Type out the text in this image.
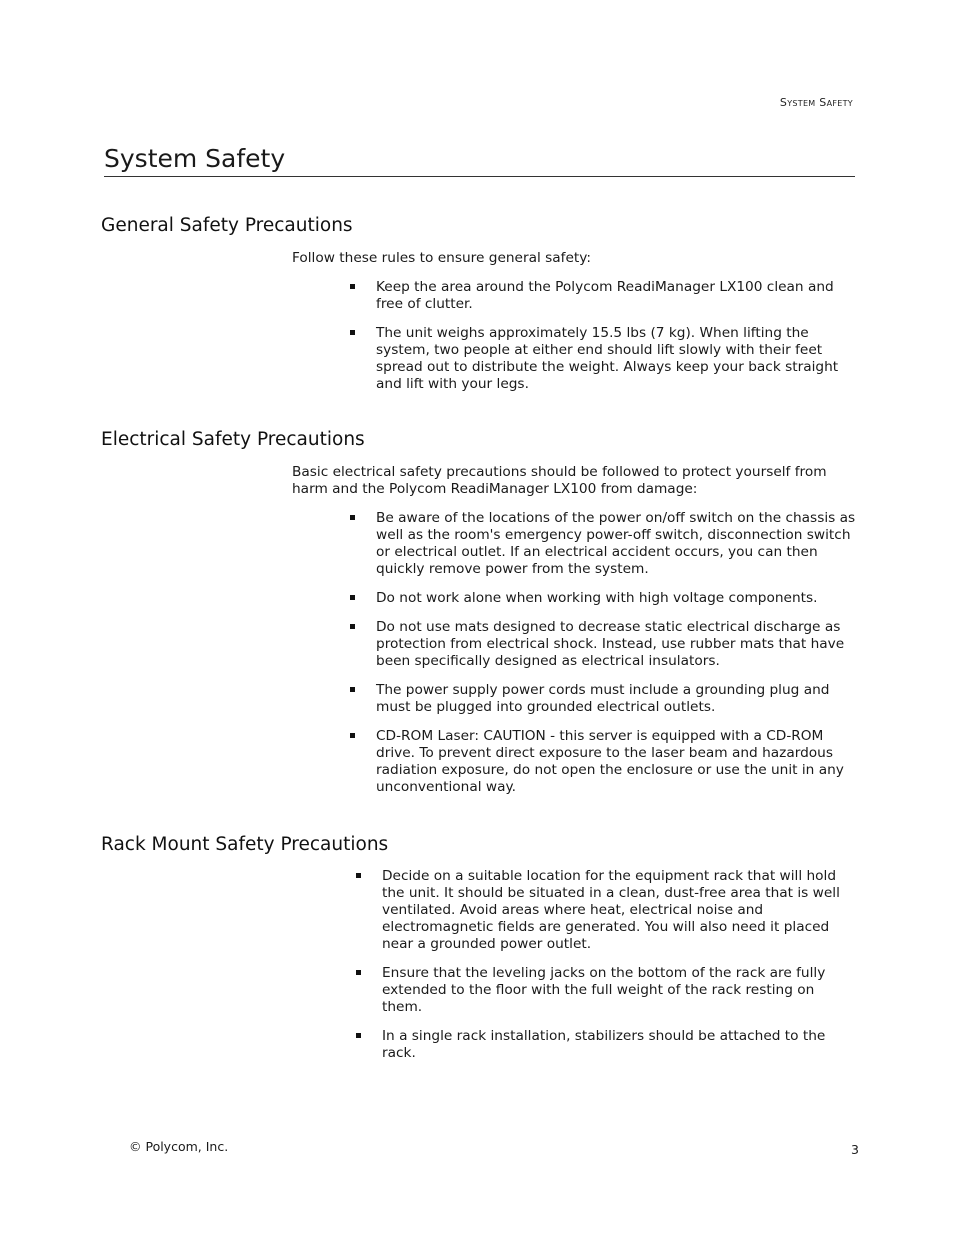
System Safety
System Safety
General Safety Precautions

Follow these rules to ensure general safety:

Keep the area around the Polycom ReadiManager LX100 clean and free of clutter.
The unit weighs approximately 15.5 lbs (7 kg). When lifting the system, two people at either end should lift slowly with their feet spread out to distribute the weight. Always keep your back straight and lift with your legs.
Electrical Safety Precautions

Basic electrical safety precautions should be followed to protect yourself from harm and the Polycom ReadiManager LX100 from damage:

Be aware of the locations of the power on/off switch on the chassis as well as the room's emergency power-off switch, disconnection switch or electrical outlet. If an electrical accident occurs, you can then quickly remove power from the system.
Do not work alone when working with high voltage components.
Do not use mats designed to decrease static electrical discharge as protection from electrical shock. Instead, use rubber mats that have been specifically designed as electrical insulators.
The power supply power cords must include a grounding plug and must be plugged into grounded electrical outlets.
CD-ROM Laser: CAUTION - this server is equipped with a CD-ROM drive. To prevent direct exposure to the laser beam and hazardous radiation exposure, do not open the enclosure or use the unit in any unconventional way.
Rack Mount Safety Precautions
Decide on a suitable location for the equipment rack that will hold the unit. It should be situated in a clean, dust-free area that is well ventilated. Avoid areas where heat, electrical noise and electromagnetic fields are generated. You will also need it placed near a grounded power outlet.
Ensure that the leveling jacks on the bottom of the rack are fully extended to the floor with the full weight of the rack resting on them.
In a single rack installation, stabilizers should be attached to the rack.
© Polycom, Inc.	3
